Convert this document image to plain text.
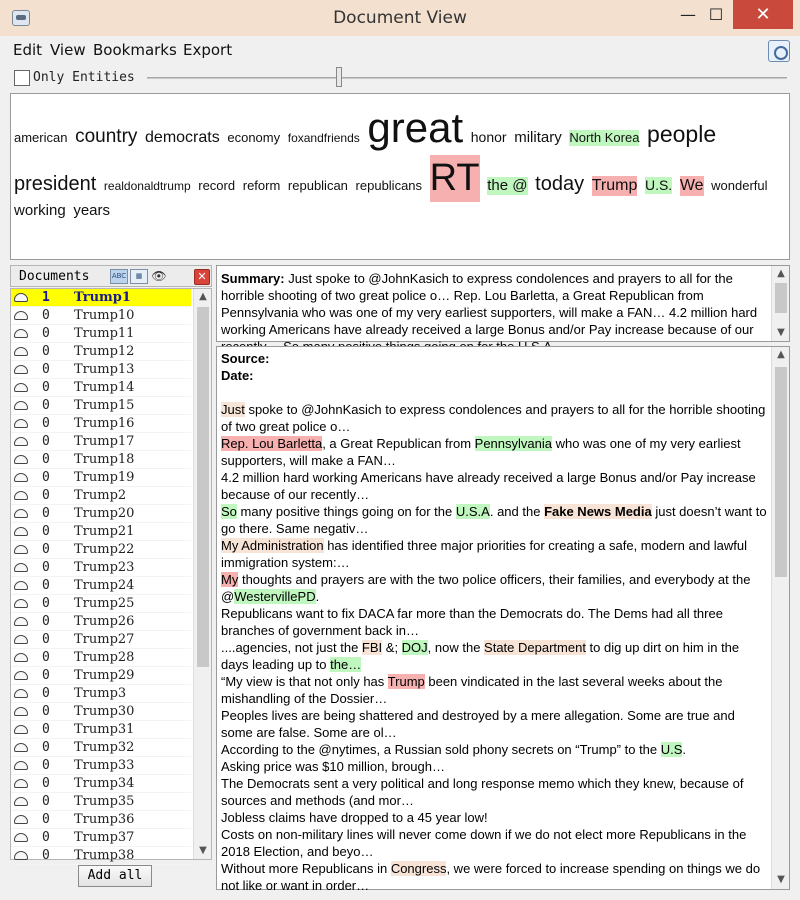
Document View	— ☐	✕
Edit View Bookmarks Export
Only Entities
american country democrats economy foxandfriends great honor military North Korea people president realdonaldtrump record reform republican republicans RT the @ today Trump U.S. We wonderful working years
Documents	ABC	▦ 👁	✕
0 Trump38
0 Trump37
0 Trump36
0 Trump35
0 Trump34
0 Trump33
0 Trump32
0 Trump31
0 Trump30
0 Trump3
0 Trump29
0 Trump28
0 Trump27
0 Trump26
0 Trump25
0 Trump24
0 Trump23
0 Trump22
0 Trump21
0 Trump20
0 Trump2
0 Trump19
0 Trump18
0 Trump17
0 Trump16
0 Trump15
0 Trump14
0 Trump13
0 Trump12
0 Trump11
0 Trump10
1 Trump1	▲
▼
Add all
Summary: Just spoke to @JohnKasich to express condolences and prayers to all for the horrible shooting of two great police o… Rep. Lou Barletta, a Great Republican from Pennsylvania who was one of my very earliest supporters, will make a FAN… 4.2 million hard working Americans have already received a large Bonus and/or Pay increase because of our
▲
▼
Source:
Date:
Just spoke to @JohnKasich to express condolences and prayers to all for the horrible shooting of two great police o…
Rep. Lou Barletta, a Great Republican from Pennsylvania who was one of my very earliest supporters, will make a FAN…
4.2 million hard working Americans have already received a large Bonus and/or Pay increase because of our recently…
So many positive things going on for the U.S.A. and the Fake News Media just doesn’t want to go there. Same negativ…
My Administration has identified three major priorities for creating a safe, modern and lawful immigration system:…
My thoughts and prayers are with the two police officers, their families, and everybody at the @WestervillePD.
Republicans want to fix DACA far more than the Democrats do. The Dems had all three branches of government back in…
....agencies, not just the FBI &; DOJ, now the State Department to dig up dirt on him in the days leading up to the…
“My view is that not only has Trump been vindicated in the last several weeks about the mishandling of the Dossier…
Peoples lives are being shattered and destroyed by a mere allegation. Some are true and some are false. Some are ol…
According to the @nytimes, a Russian sold phony secrets on “Trump” to the U.S.
Asking price was $10 million, brough…
The Democrats sent a very political and long response memo which they knew, because of sources and methods (and mor…
Jobless claims have dropped to a 45 year low!
Costs on non-military lines will never come down if we do not elect more Republicans in the 2018 Election, and beyo…
Without more Republicans in Congress, we were forced to increase spending on things we do not like or want in order…
▲
▼
